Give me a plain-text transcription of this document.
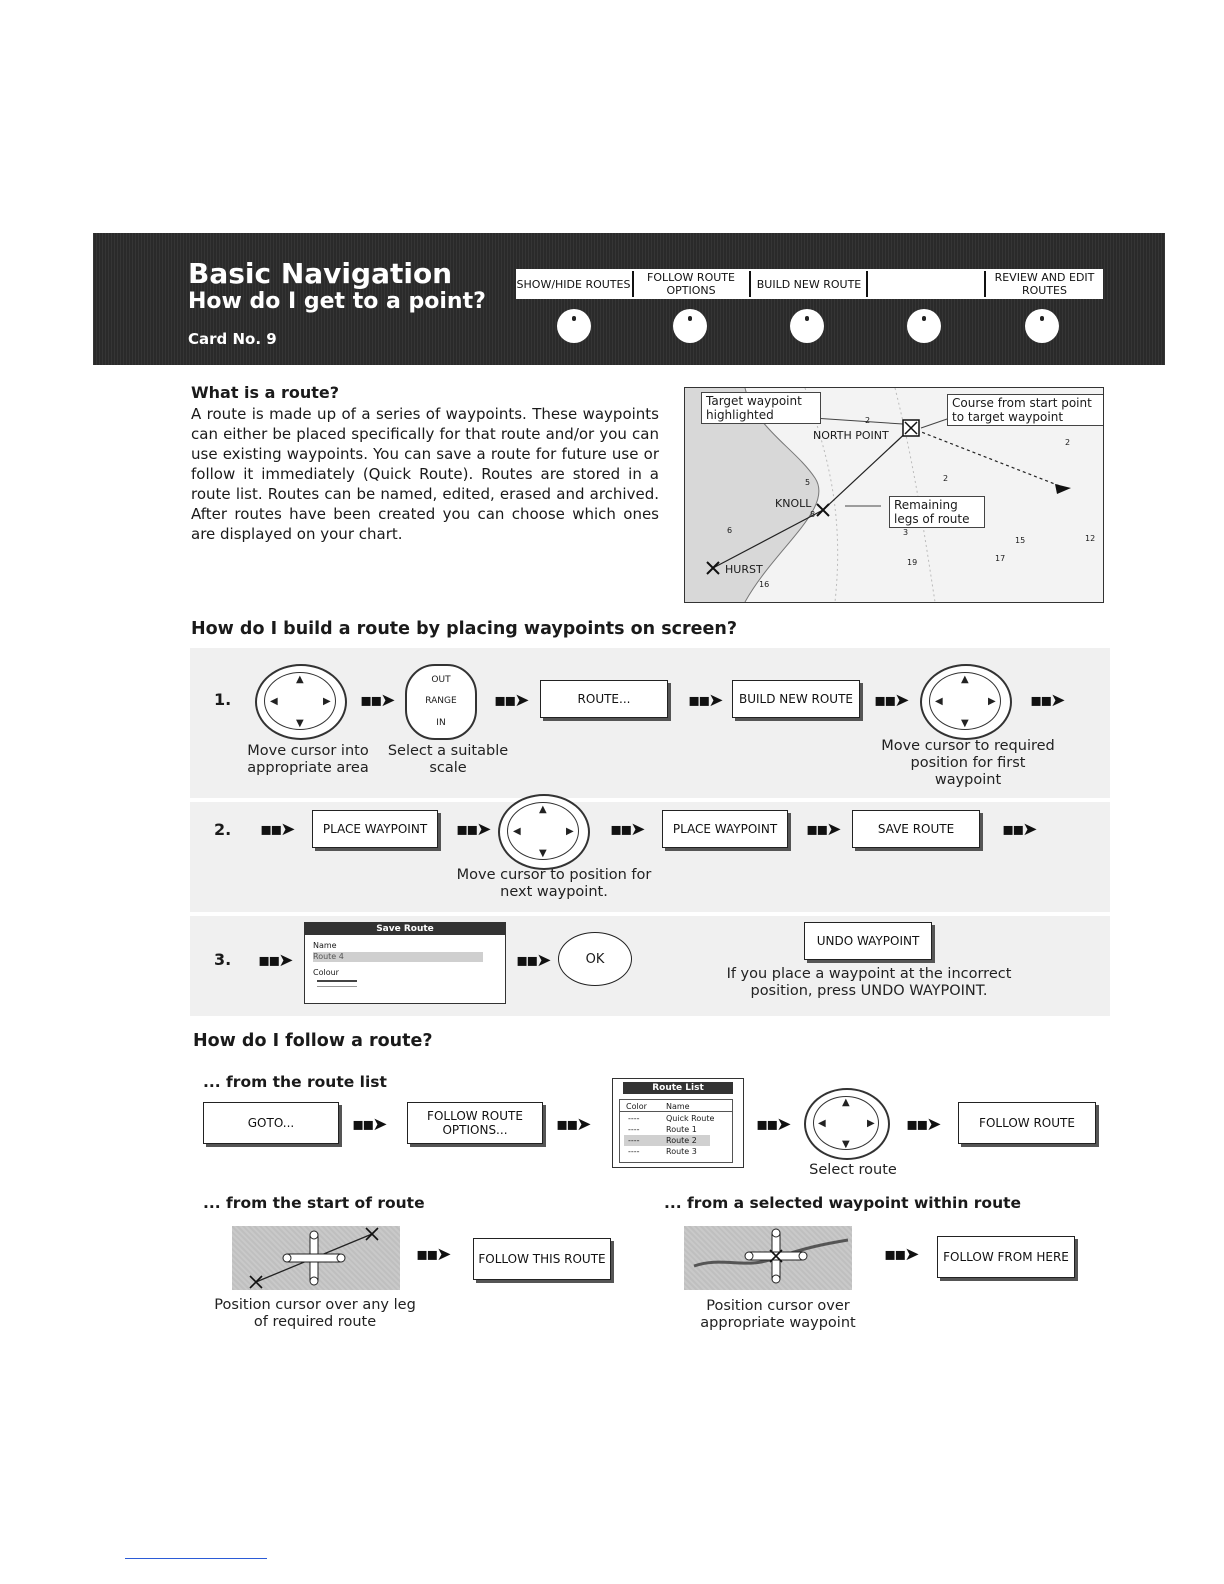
Basic Navigation
How do I get to a point?
Card No. 9
SHOW/HIDE ROUTES	FOLLOW ROUTE OPTIONS	BUILD NEW ROUTE	REVIEW AND EDIT ROUTES
What is a route?

A route is made up of a series of waypoints. These waypoints can either be placed specifically for that route and/or you can use existing waypoints. You can save a route for future use or follow it immediately (Quick Route). Routes are stored in a route list. Routes can be named, edited, erased and archived. After routes have been created you can choose which ones are displayed on your chart.

Target waypoint highlighted
Course from start point to target waypoint
Remaining legs of route
NORTH POINT
KNOLL
HURST
2
5	2
2
3
8
6
19	17
15	12
16
How do I build a route by placing waypoints on screen?
1.
▲
▼
◀	▶ ▪▪➤
OUT
RANGE
IN
▪▪➤	ROUTE...	▪▪➤	BUILD NEW ROUTE	▪▪➤
▲
▼
◀	▶ ▪▪➤
Move cursor into appropriate area
Select a suitable scale
Move cursor to required position for first waypoint
2. ▪▪➤	PLACE WAYPOINT	▪▪➤
▲
▼
◀	▶ ▪▪➤	PLACE WAYPOINT	▪▪➤	SAVE ROUTE	▪▪➤
Move cursor to position for next waypoint.
3. ▪▪➤
Save Route
Name
Route 4
Colour
▪▪➤	OK
UNDO WAYPOINT
If you place a waypoint at the incorrect position, press UNDO WAYPOINT.
How do I follow a route?
... from the route list
GOTO...	▪▪➤	FOLLOW ROUTE OPTIONS...	▪▪➤
Route List
Color Name
----	Quick Route
----	Route 1
----	Route 2
----	Route 3
▪▪➤
▲
▼
◀	▶ ▪▪➤	FOLLOW ROUTE
Select route
... from the start of route
▪▪➤	FOLLOW THIS ROUTE
Position cursor over any leg of required route
... from a selected waypoint within route
▪▪➤	FOLLOW FROM HERE
Position cursor over appropriate waypoint
